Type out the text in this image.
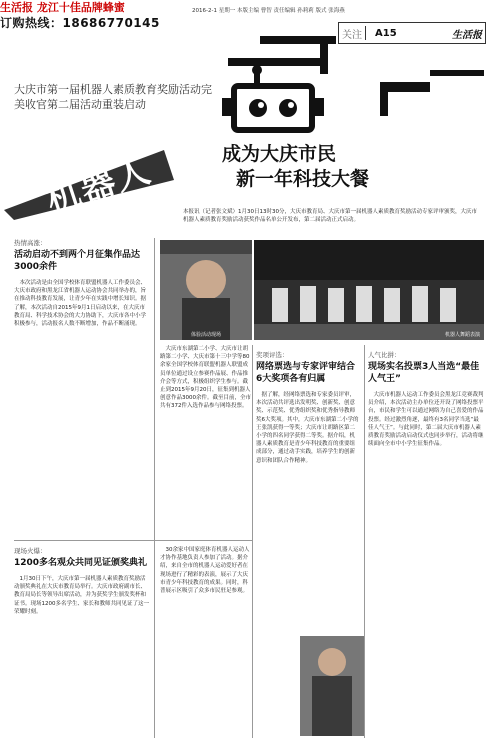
生活报 龙江十佳品牌蜂蜜
订购热线：18686770145
2016-2-1 星期一 本版主编 曹智 责任编辑 孙莉莉 版式 张海燕
关注	A15	生活报
大庆市第一届机器人素质教育奖励活动完美收官第二届活动重装启动
机器人	成为大庆市民
新一年科技大餐
本报讯（记者张文斌）1月30日13时30分，大庆市教育局、大庆市第一届机器人素质教育奖励活动专家评审颁奖，大庆市机器人素质教育奖励活动获奖作品名单公开发布，第二届活动正式启动。
体验活动现场	机器人舞蹈表演
热情高涨：
活动启动不到两个月征集作品达3000余件
本次活动是由全国学校体育联盟机器人工作委员会、大庆市政府和黑龙江省机器人运动协会共同举办的，旨在推动科技教育发展，让青少年在实践中增长知识。据了解，本次活动自2015年9月1日启动以来，在大庆市教育局、科学技术协会的大力协助下，大庆市各中小学积极参与，活动报名人数不断增加，作品不断涌现。
大庆市东湖第二小学、大庆市让胡路第二小学、大庆市第十三中学等80余家全国学校体育联盟机器人联盟成员单位通过设立参赛作品展、作品推介会等方式，积极组织学生参与。截止到2015年9月20日，征集到机器人创意作品3000余件。截至目前，全市共有372件入选作品参与网络投票。
奖项评选：
网络票选与专家评审结合6大奖项各有归属
据了解，经网络票选和专家委员评审，本次活动共评选出发明奖、创新奖、创意奖、示范奖、优秀组织奖和优秀指导教师奖6大奖项。其中，大庆市东湖第二小学的王张凯获得一等奖；大庆市让胡路区第二小学的四名同学获得二等奖。据介绍，机器人素质教育是青少年科技教育的重要组成部分，通过动手实践，培养学生的创新意识和团队合作精神。
人气比拼：
现场实名投票3人当选“最佳人气王”
大庆市机器人运动工作委员会黑龙江竞赛裁判员介绍，本次活动主办单位还开设了网络投票平台，市民和学生可以通过网络为自己喜爱的作品投票。经过激烈角逐，最终有3名同学当选“最佳人气王”。与此同时，第二届大庆市机器人素质教育奖励活动启动仪式也同步举行，活动将继续面向全市中小学生征集作品。
现场火爆：
1200多名观众共同见证颁奖典礼
1月30日下午，大庆市第一届机器人素质教育奖励活动颁奖典礼在大庆市教育局举行。大庆市政府副市长、教育局局长等领导出席活动，并为获奖学生颁发奖杯和证书。现场1200多名学生、家长和教师共同见证了这一荣耀时刻。
30余家中国家庭体育机器人运动人才协作基地负责人参加了活动。据介绍，来自全市的机器人运动爱好者在现场进行了精彩的表演，展示了大庆市青少年科技教育的成果。同时，科普展示区吸引了众多市民驻足参观。
